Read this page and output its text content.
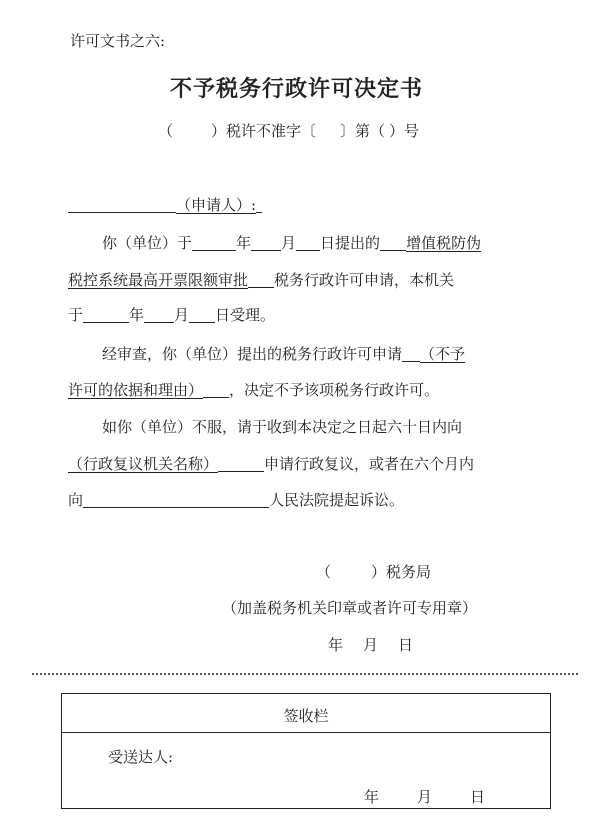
许可文书之六:
不予税务行政许可决定书
（	）税许不准字〔 〕第（ ）号
（申请人）:
你（单位）于	年 月 日提出的 增值税防伪
税控系统最高开票限额审批 税务行政许可申请，本机关
于	年 月 日受理。
经审查，你（单位）提出的税务行政许可申请 （不予
许可的依据和理由） ，决定不予该项税务行政许可。
如你（单位）不服，请于收到本决定之日起六十日内向
（行政复议机关名称）	申请行政复议，或者在六个月内
向	人民法院提起诉讼。
（	）税务局
（加盖税务机关印章或者许可专用章）
年 月 日
签收栏
受送达人:
年	月	日
